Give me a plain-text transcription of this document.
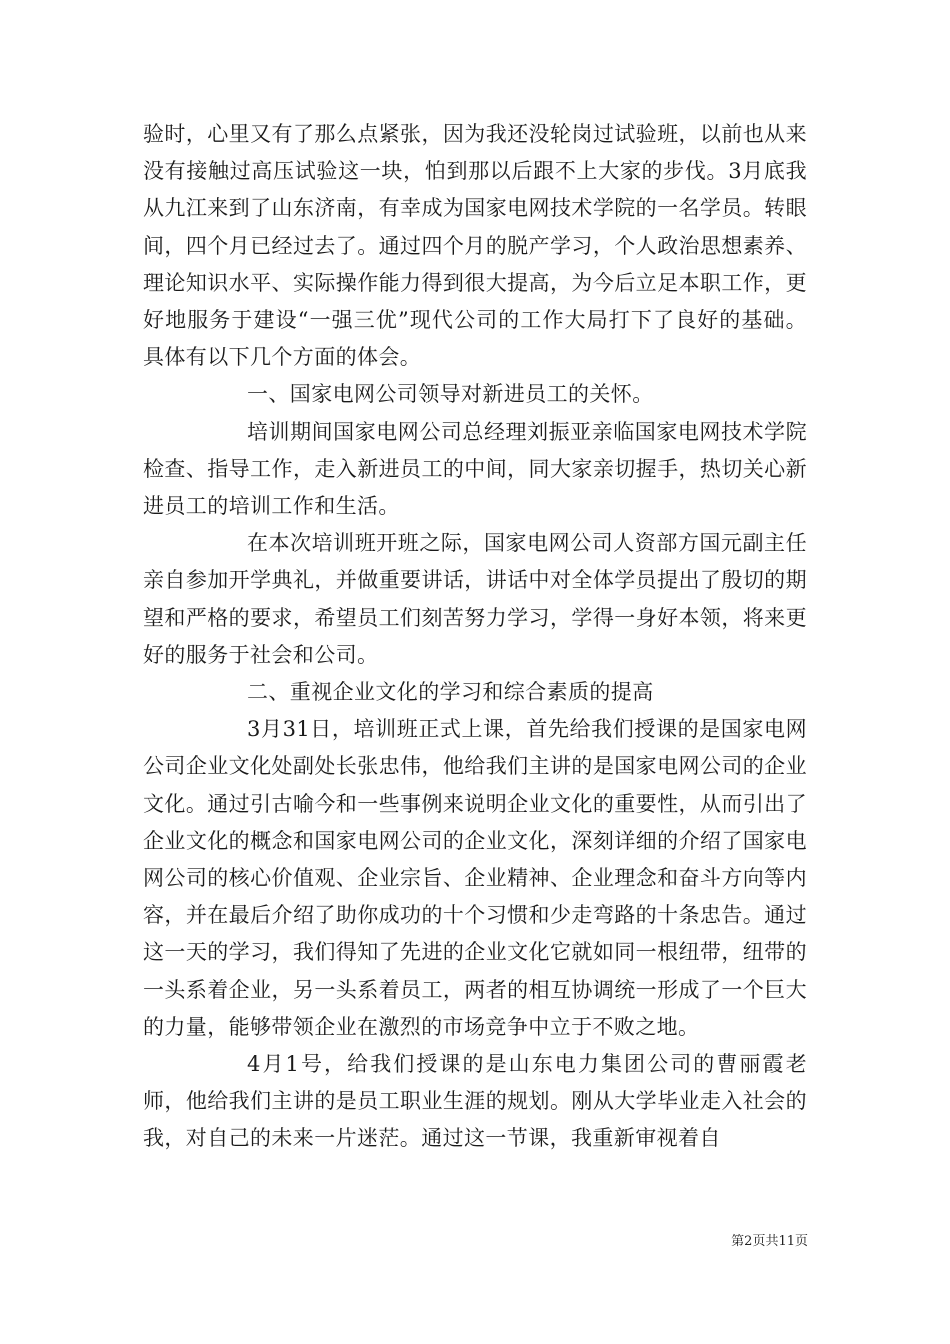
验时，心里又有了那么点紧张，因为我还没轮岗过试验班，以前也从来没有接触过高压试验这一块，怕到那以后跟不上大家的步伐。3月底我从九江来到了山东济南，有幸成为国家电网技术学院的一名学员。转眼间，四个月已经过去了。通过四个月的脱产学习，个人政治思想素养、理论知识水平、实际操作能力得到很大提高，为今后立足本职工作，更好地服务于建设“一强三优”现代公司的工作大局打下了良好的基础。具体有以下几个方面的体会。

一、国家电网公司领导对新进员工的关怀。

培训期间国家电网公司总经理刘振亚亲临国家电网技术学院检查、指导工作，走入新进员工的中间，同大家亲切握手，热切关心新进员工的培训工作和生活。

在本次培训班开班之际，国家电网公司人资部方国元副主任亲自参加开学典礼，并做重要讲话，讲话中对全体学员提出了殷切的期望和严格的要求，希望员工们刻苦努力学习，学得一身好本领，将来更好的服务于社会和公司。

二、重视企业文化的学习和综合素质的提高

3月31日，培训班正式上课，首先给我们授课的是国家电网公司企业文化处副处长张忠伟，他给我们主讲的是国家电网公司的企业文化。通过引古喻今和一些事例来说明企业文化的重要性，从而引出了企业文化的概念和国家电网公司的企业文化，深刻详细的介绍了国家电网公司的核心价值观、企业宗旨、企业精神、企业理念和奋斗方向等内容，并在最后介绍了助你成功的十个习惯和少走弯路的十条忠告。通过这一天的学习，我们得知了先进的企业文化它就如同一根纽带，纽带的一头系着企业，另一头系着员工，两者的相互协调统一形成了一个巨大的力量，能够带领企业在激烈的市场竞争中立于不败之地。

4月1号，给我们授课的是山东电力集团公司的曹丽霞老师，他给我们主讲的是员工职业生涯的规划。刚从大学毕业走入社会的我，对自己的未来一片迷茫。通过这一节课，我重新审视着自

第2页共11页
